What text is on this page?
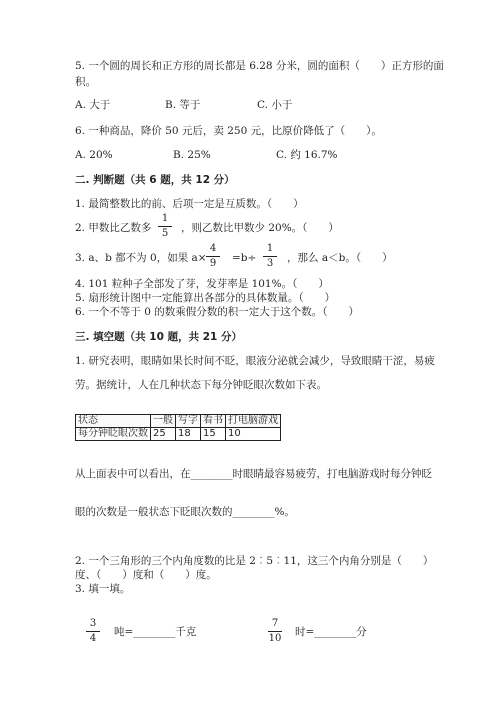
5. 一个圆的周长和正方形的周长都是 6.28 分米，圆的面积（　　）正方形的面
积。
A. 大于	B. 等于	C. 小于
6. 一种商品，降价 50 元后，卖 250 元，比原价降低了（　　）。
A. 20%	B. 25%	C. 约 16.7%
二. 判断题（共 6 题，共 12 分）
1. 最简整数比的前、后项一定是互质数。（　　）
2. 甲数比乙数多
1
5	，则乙数比甲数少 20%。（　　）
3. a、b 都不为 0，如果 a×
4
9	=b÷
1
3	，那么 a＜b。（　　）
4. 101 粒种子全部发了芽，发芽率是 101%。（　　）
5. 扇形统计图中一定能算出各部分的具体数量。（　　）
6. 一个不等于 0 的数乘假分数的积一定大于这个数。（　　）
三. 填空题（共 10 题，共 21 分）
1. 研究表明，眼睛如果长时间不眨，眼液分泌就会减少，导致眼睛干涩，易疲
劳。据统计，人在几种状态下每分钟眨眼次数如下表。
状态	一般	写字	看书	打电脑游戏
每分钟眨眼次数	25	18	15	10
从上面表中可以看出，在________时眼睛最容易疲劳，打电脑游戏时每分钟眨
眼的次数是一般状态下眨眼次数的________%。
2. 一个三角形的三个内角度数的比是 2︰5︰11，这三个内角分别是（　　）
度、（　　）度和（　　）度。
3. 填一填。
3
4
吨=________千克
7
10
时=________分
